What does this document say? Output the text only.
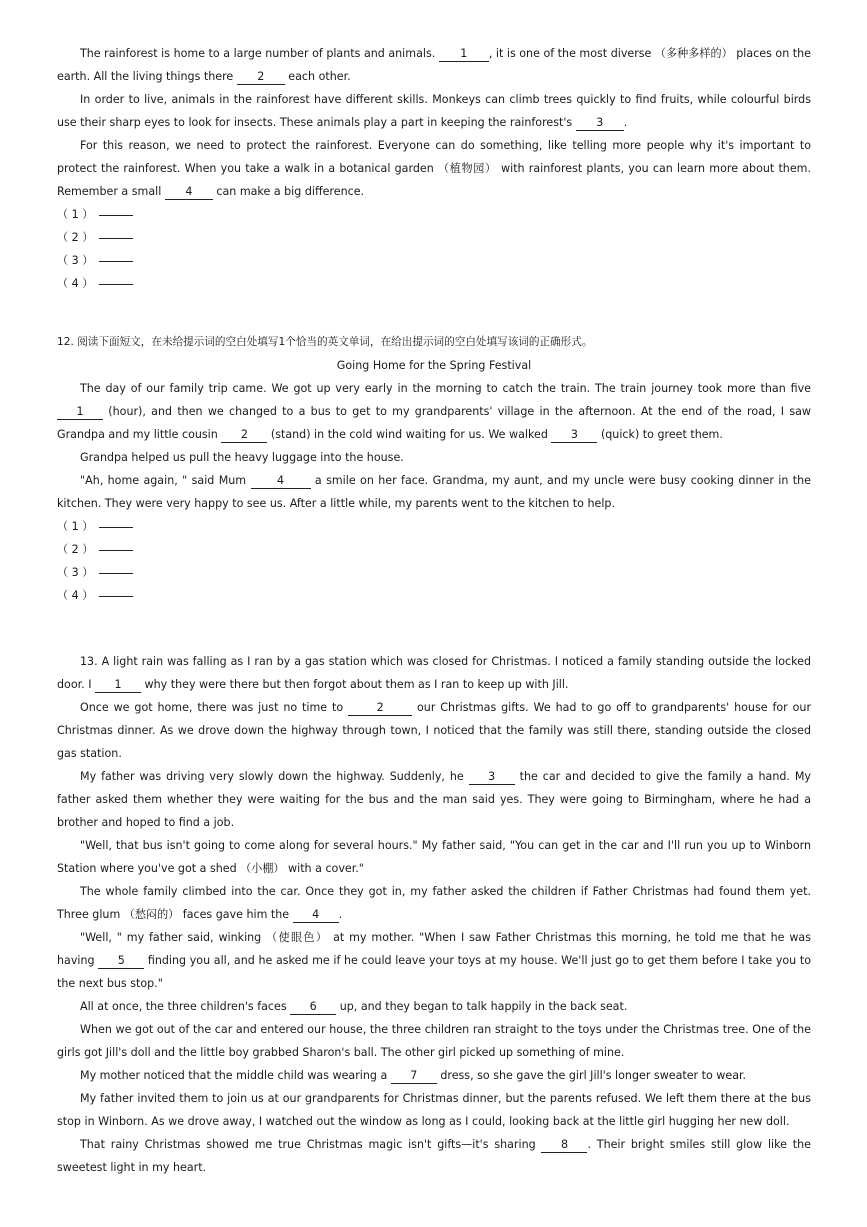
The rainforest is home to a large number of plants and animals. 1 , it is one of the most diverse （多种多样的） places on the earth. All the living things there 2 each other.

In order to live, animals in the rainforest have different skills. Monkeys can climb trees quickly to find fruits, while colourful birds use their sharp eyes to look for insects. These animals play a part in keeping the rainforest's 3 .

For this reason, we need to protect the rainforest. Everyone can do something, like telling more people why it's important to protect the rainforest. When you take a walk in a botanical garden （植物园） with rainforest plants, you can learn more about them. Remember a small 4 can make a big difference.

（ 1 ）

（ 2 ）

（ 3 ）

（ 4 ）

12. 阅读下面短文，在未给提示词的空白处填写1个恰当的英文单词，在给出提示词的空白处填写该词的正确形式。

Going Home for the Spring Festival

The day of our family trip came. We got up very early in the morning to catch the train. The train journey took more than five 1 (hour), and then we changed to a bus to get to my grandparents' village in the afternoon. At the end of the road, I saw Grandpa and my little cousin 2 (stand) in the cold wind waiting for us. We walked 3 (quick) to greet them.

Grandpa helped us pull the heavy luggage into the house.

"Ah, home again, " said Mum	4	a smile on her face. Grandma, my aunt, and my uncle were busy cooking dinner in the kitchen. They were very happy to see us. After a little while, my parents went to the kitchen to help.

（ 1 ）

（ 2 ）

（ 3 ）

（ 4 ）

13. A light rain was falling as I ran by a gas station which was closed for Christmas. I noticed a family standing outside the locked door. I 1 why they were there but then forgot about them as I ran to keep up with Jill.

Once we got home, there was just no time to	2	our Christmas gifts. We had to go off to grandparents' house for our Christmas dinner. As we drove down the highway through town, I noticed that the family was still there, standing outside the closed gas station.

My father was driving very slowly down the highway. Suddenly, he 3 the car and decided to give the family a hand. My father asked them whether they were waiting for the bus and the man said yes. They were going to Birmingham, where he had a brother and hoped to find a job.

"Well, that bus isn't going to come along for several hours." My father said, "You can get in the car and I'll run you up to Winborn Station where you've got a shed （小棚） with a cover."

The whole family climbed into the car. Once they got in, my father asked the children if Father Christmas had found them yet. Three glum （愁闷的） faces gave him the 4 .

"Well, " my father said, winking （使眼色） at my mother. "When I saw Father Christmas this morning, he told me that he was having 5 finding you all, and he asked me if he could leave your toys at my house. We'll just go to get them before I take you to the next bus stop."

All at once, the three children's faces 6 up, and they began to talk happily in the back seat.

When we got out of the car and entered our house, the three children ran straight to the toys under the Christmas tree. One of the girls got Jill's doll and the little boy grabbed Sharon's ball. The other girl picked up something of mine.

My mother noticed that the middle child was wearing a 7 dress, so she gave the girl Jill's longer sweater to wear.

My father invited them to join us at our grandparents for Christmas dinner, but the parents refused. We left them there at the bus stop in Winborn. As we drove away, I watched out the window as long as I could, looking back at the little girl hugging her new doll.

That rainy Christmas showed me true Christmas magic isn't gifts—it's sharing 8 . Their bright smiles still glow like the sweetest light in my heart.
